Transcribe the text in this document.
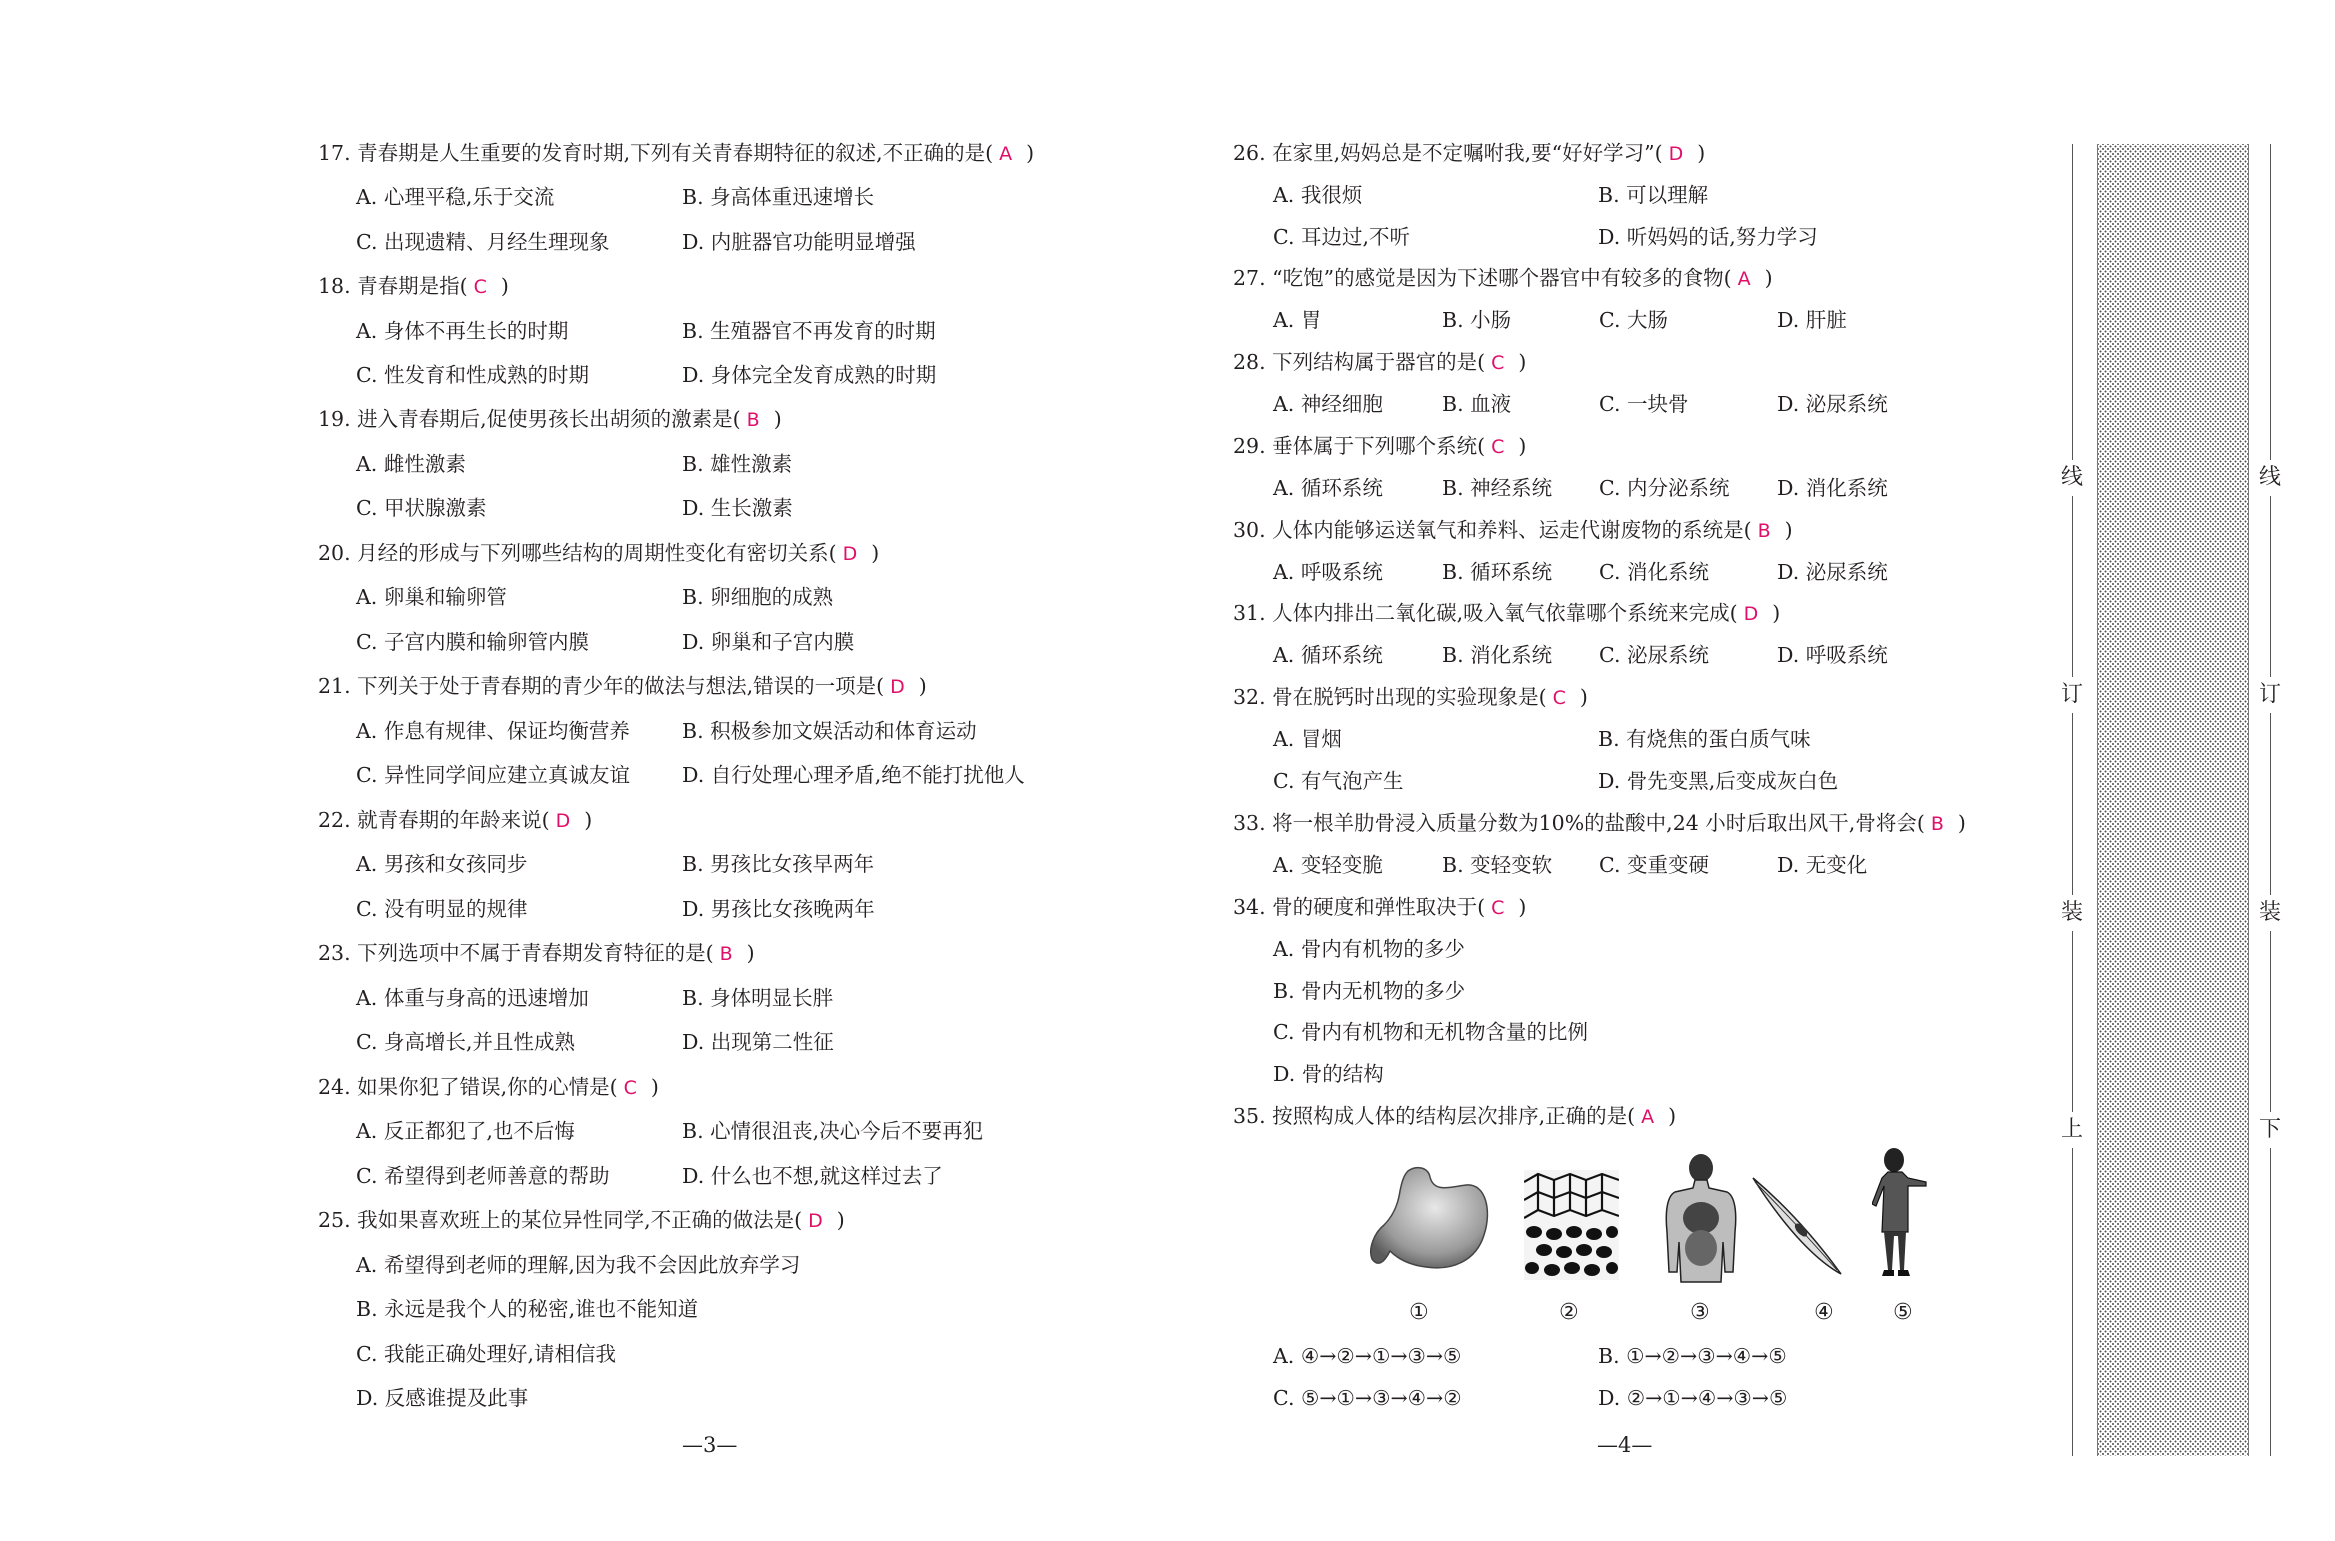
17. 青春期是人生重要的发育时期,下列有关青春期特征的叙述,不正确的是( A )
A. 心理平稳,乐于交流	B. 身高体重迅速增长
C. 出现遗精、月经生理现象	D. 内脏器官功能明显增强
18. 青春期是指( C )
A. 身体不再生长的时期	B. 生殖器官不再发育的时期
C. 性发育和性成熟的时期	D. 身体完全发育成熟的时期
19. 进入青春期后,促使男孩长出胡须的激素是( B )
A. 雌性激素	B. 雄性激素
C. 甲状腺激素	D. 生长激素
20. 月经的形成与下列哪些结构的周期性变化有密切关系( D )
A. 卵巢和输卵管	B. 卵细胞的成熟
C. 子宫内膜和输卵管内膜	D. 卵巢和子宫内膜
21. 下列关于处于青春期的青少年的做法与想法,错误的一项是( D )
A. 作息有规律、保证均衡营养	B. 积极参加文娱活动和体育运动
C. 异性同学间应建立真诚友谊	D. 自行处理心理矛盾,绝不能打扰他人
22. 就青春期的年龄来说( D )
A. 男孩和女孩同步	B. 男孩比女孩早两年
C. 没有明显的规律	D. 男孩比女孩晚两年
23. 下列选项中不属于青春期发育特征的是( B )
A. 体重与身高的迅速增加	B. 身体明显长胖
C. 身高增长,并且性成熟	D. 出现第二性征
24. 如果你犯了错误,你的心情是( C )
A. 反正都犯了,也不后悔	B. 心情很沮丧,决心今后不要再犯
C. 希望得到老师善意的帮助	D. 什么也不想,就这样过去了
25. 我如果喜欢班上的某位异性同学,不正确的做法是( D )
A. 希望得到老师的理解,因为我不会因此放弃学习
B. 永远是我个人的秘密,谁也不能知道
C. 我能正确处理好,请相信我
D. 反感谁提及此事
—3—
26. 在家里,妈妈总是不定嘱咐我,要“好好学习”( D )
A. 我很烦	B. 可以理解
C. 耳边过,不听	D. 听妈妈的话,努力学习
27. “吃饱”的感觉是因为下述哪个器官中有较多的食物( A )
A. 胃	B. 小肠	C. 大肠	D. 肝脏
28. 下列结构属于器官的是( C )
A. 神经细胞	B. 血液	C. 一块骨	D. 泌尿系统
29. 垂体属于下列哪个系统( C )
A. 循环系统	B. 神经系统 C. 内分泌系统 D. 消化系统
30. 人体内能够运送氧气和养料、运走代谢废物的系统是( B )
A. 呼吸系统	B. 循环系统 C. 消化系统	D. 泌尿系统
31. 人体内排出二氧化碳,吸入氧气依靠哪个系统来完成( D )
A. 循环系统	B. 消化系统 C. 泌尿系统	D. 呼吸系统
32. 骨在脱钙时出现的实验现象是( C )
A. 冒烟	B. 有烧焦的蛋白质气味
C. 有气泡产生	D. 骨先变黑,后变成灰白色
33. 将一根羊肋骨浸入质量分数为10%的盐酸中,24 小时后取出风干,骨将会( B )
A. 变轻变脆	B. 变轻变软 C. 变重变硬	D. 无变化
34. 骨的硬度和弹性取决于( C )
A. 骨内有机物的多少
B. 骨内无机物的多少
C. 骨内有机物和无机物含量的比例
D. 骨的结构
35. 按照构成人体的结构层次排序,正确的是( A )
①	②	③	④	⑤
A. ④→②→①→③→⑤	B. ①→②→③→④→⑤
C. ⑤→①→③→④→②	D. ②→①→④→③→⑤
—4—
上
装
订
线
下
装
订
线
